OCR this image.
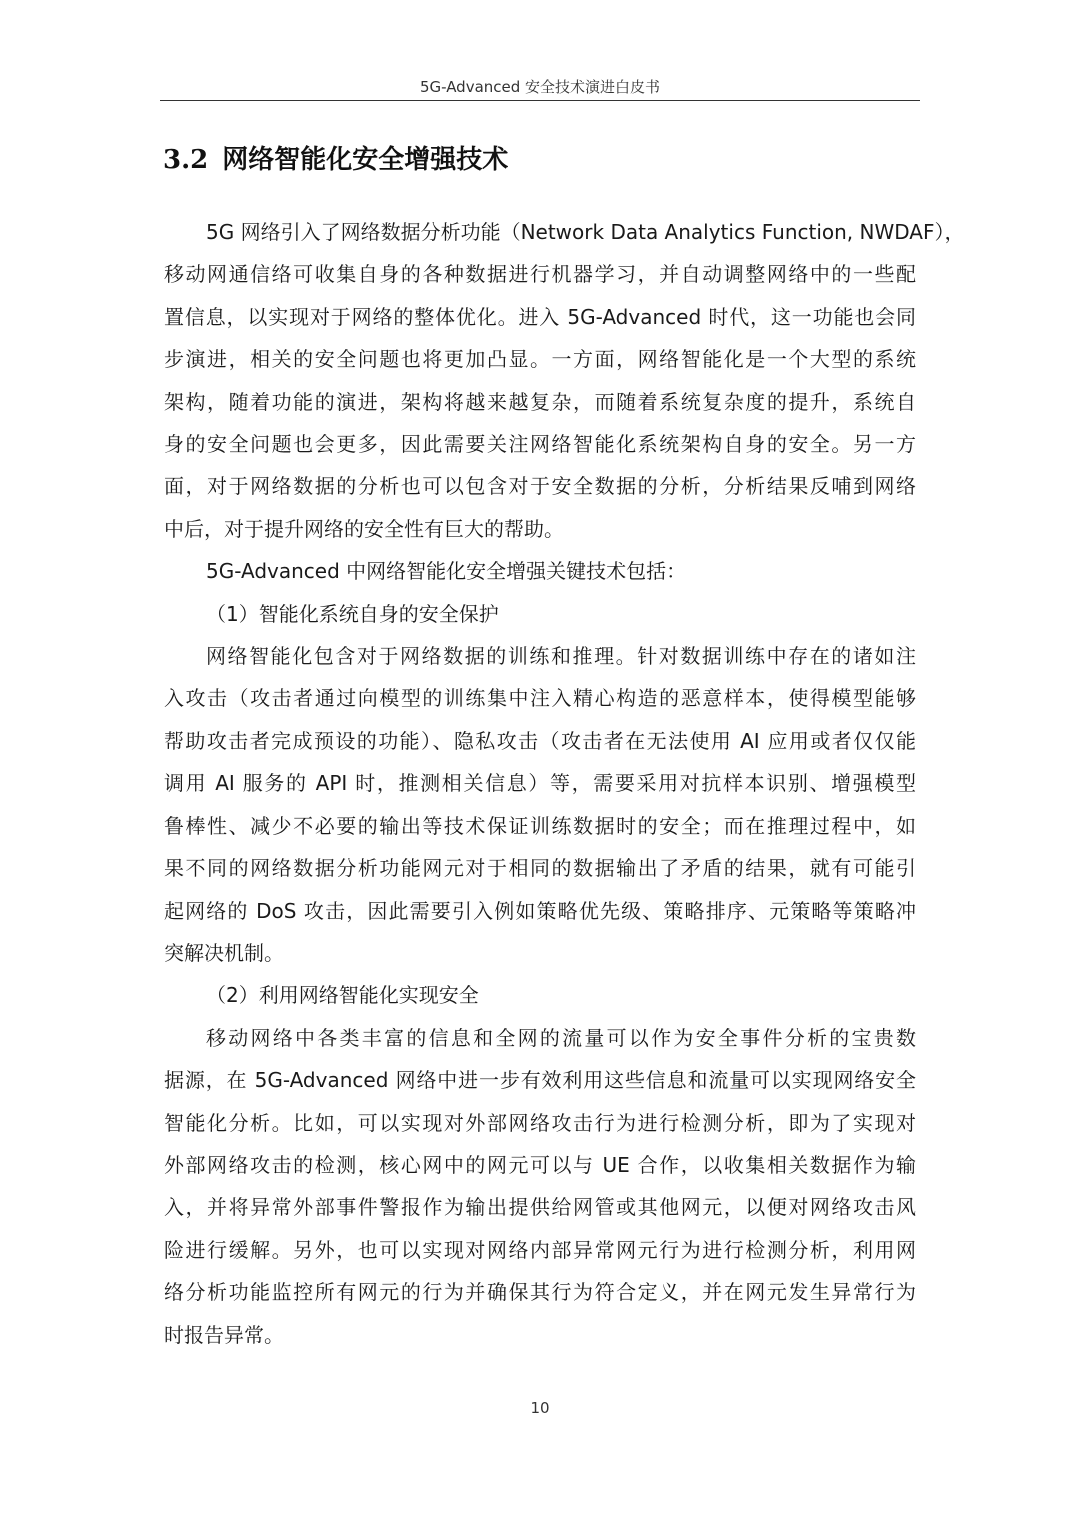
5G-Advanced 安全技术演进白皮书
3.2 网络智能化安全增强技术

5G 网络引入了网络数据分析功能（Network Data Analytics Function, NWDAF），
移动网通信络可收集自身的各种数据进行机器学习，并自动调整网络中的一些配
置信息，以实现对于网络的整体优化。进入 5G-Advanced 时代，这一功能也会同
步演进，相关的安全问题也将更加凸显。一方面，网络智能化是一个大型的系统
架构，随着功能的演进，架构将越来越复杂，而随着系统复杂度的提升，系统自
身的安全问题也会更多，因此需要关注网络智能化系统架构自身的安全。另一方
面，对于网络数据的分析也可以包含对于安全数据的分析，分析结果反哺到网络
中后，对于提升网络的安全性有巨大的帮助。

5G-Advanced 中网络智能化安全增强关键技术包括：

（1）智能化系统自身的安全保护
网络智能化包含对于网络数据的训练和推理。针对数据训练中存在的诸如注
入攻击（攻击者通过向模型的训练集中注入精心构造的恶意样本，使得模型能够
帮助攻击者完成预设的功能）、隐私攻击（攻击者在无法使用 AI 应用或者仅仅能
调用 AI 服务的 API 时，推测相关信息）等，需要采用对抗样本识别、增强模型
鲁棒性、减少不必要的输出等技术保证训练数据时的安全；而在推理过程中，如
果不同的网络数据分析功能网元对于相同的数据输出了矛盾的结果，就有可能引
起网络的 DoS 攻击，因此需要引入例如策略优先级、策略排序、元策略等策略冲
突解决机制。

（2）利用网络智能化实现安全
移动网络中各类丰富的信息和全网的流量可以作为安全事件分析的宝贵数
据源，在 5G-Advanced 网络中进一步有效利用这些信息和流量可以实现网络安全
智能化分析。比如，可以实现对外部网络攻击行为进行检测分析，即为了实现对
外部网络攻击的检测，核心网中的网元可以与 UE 合作，以收集相关数据作为输
入，并将异常外部事件警报作为输出提供给网管或其他网元，以便对网络攻击风
险进行缓解。另外，也可以实现对网络内部异常网元行为进行检测分析，利用网
络分析功能监控所有网元的行为并确保其行为符合定义，并在网元发生异常行为
时报告异常。

10
